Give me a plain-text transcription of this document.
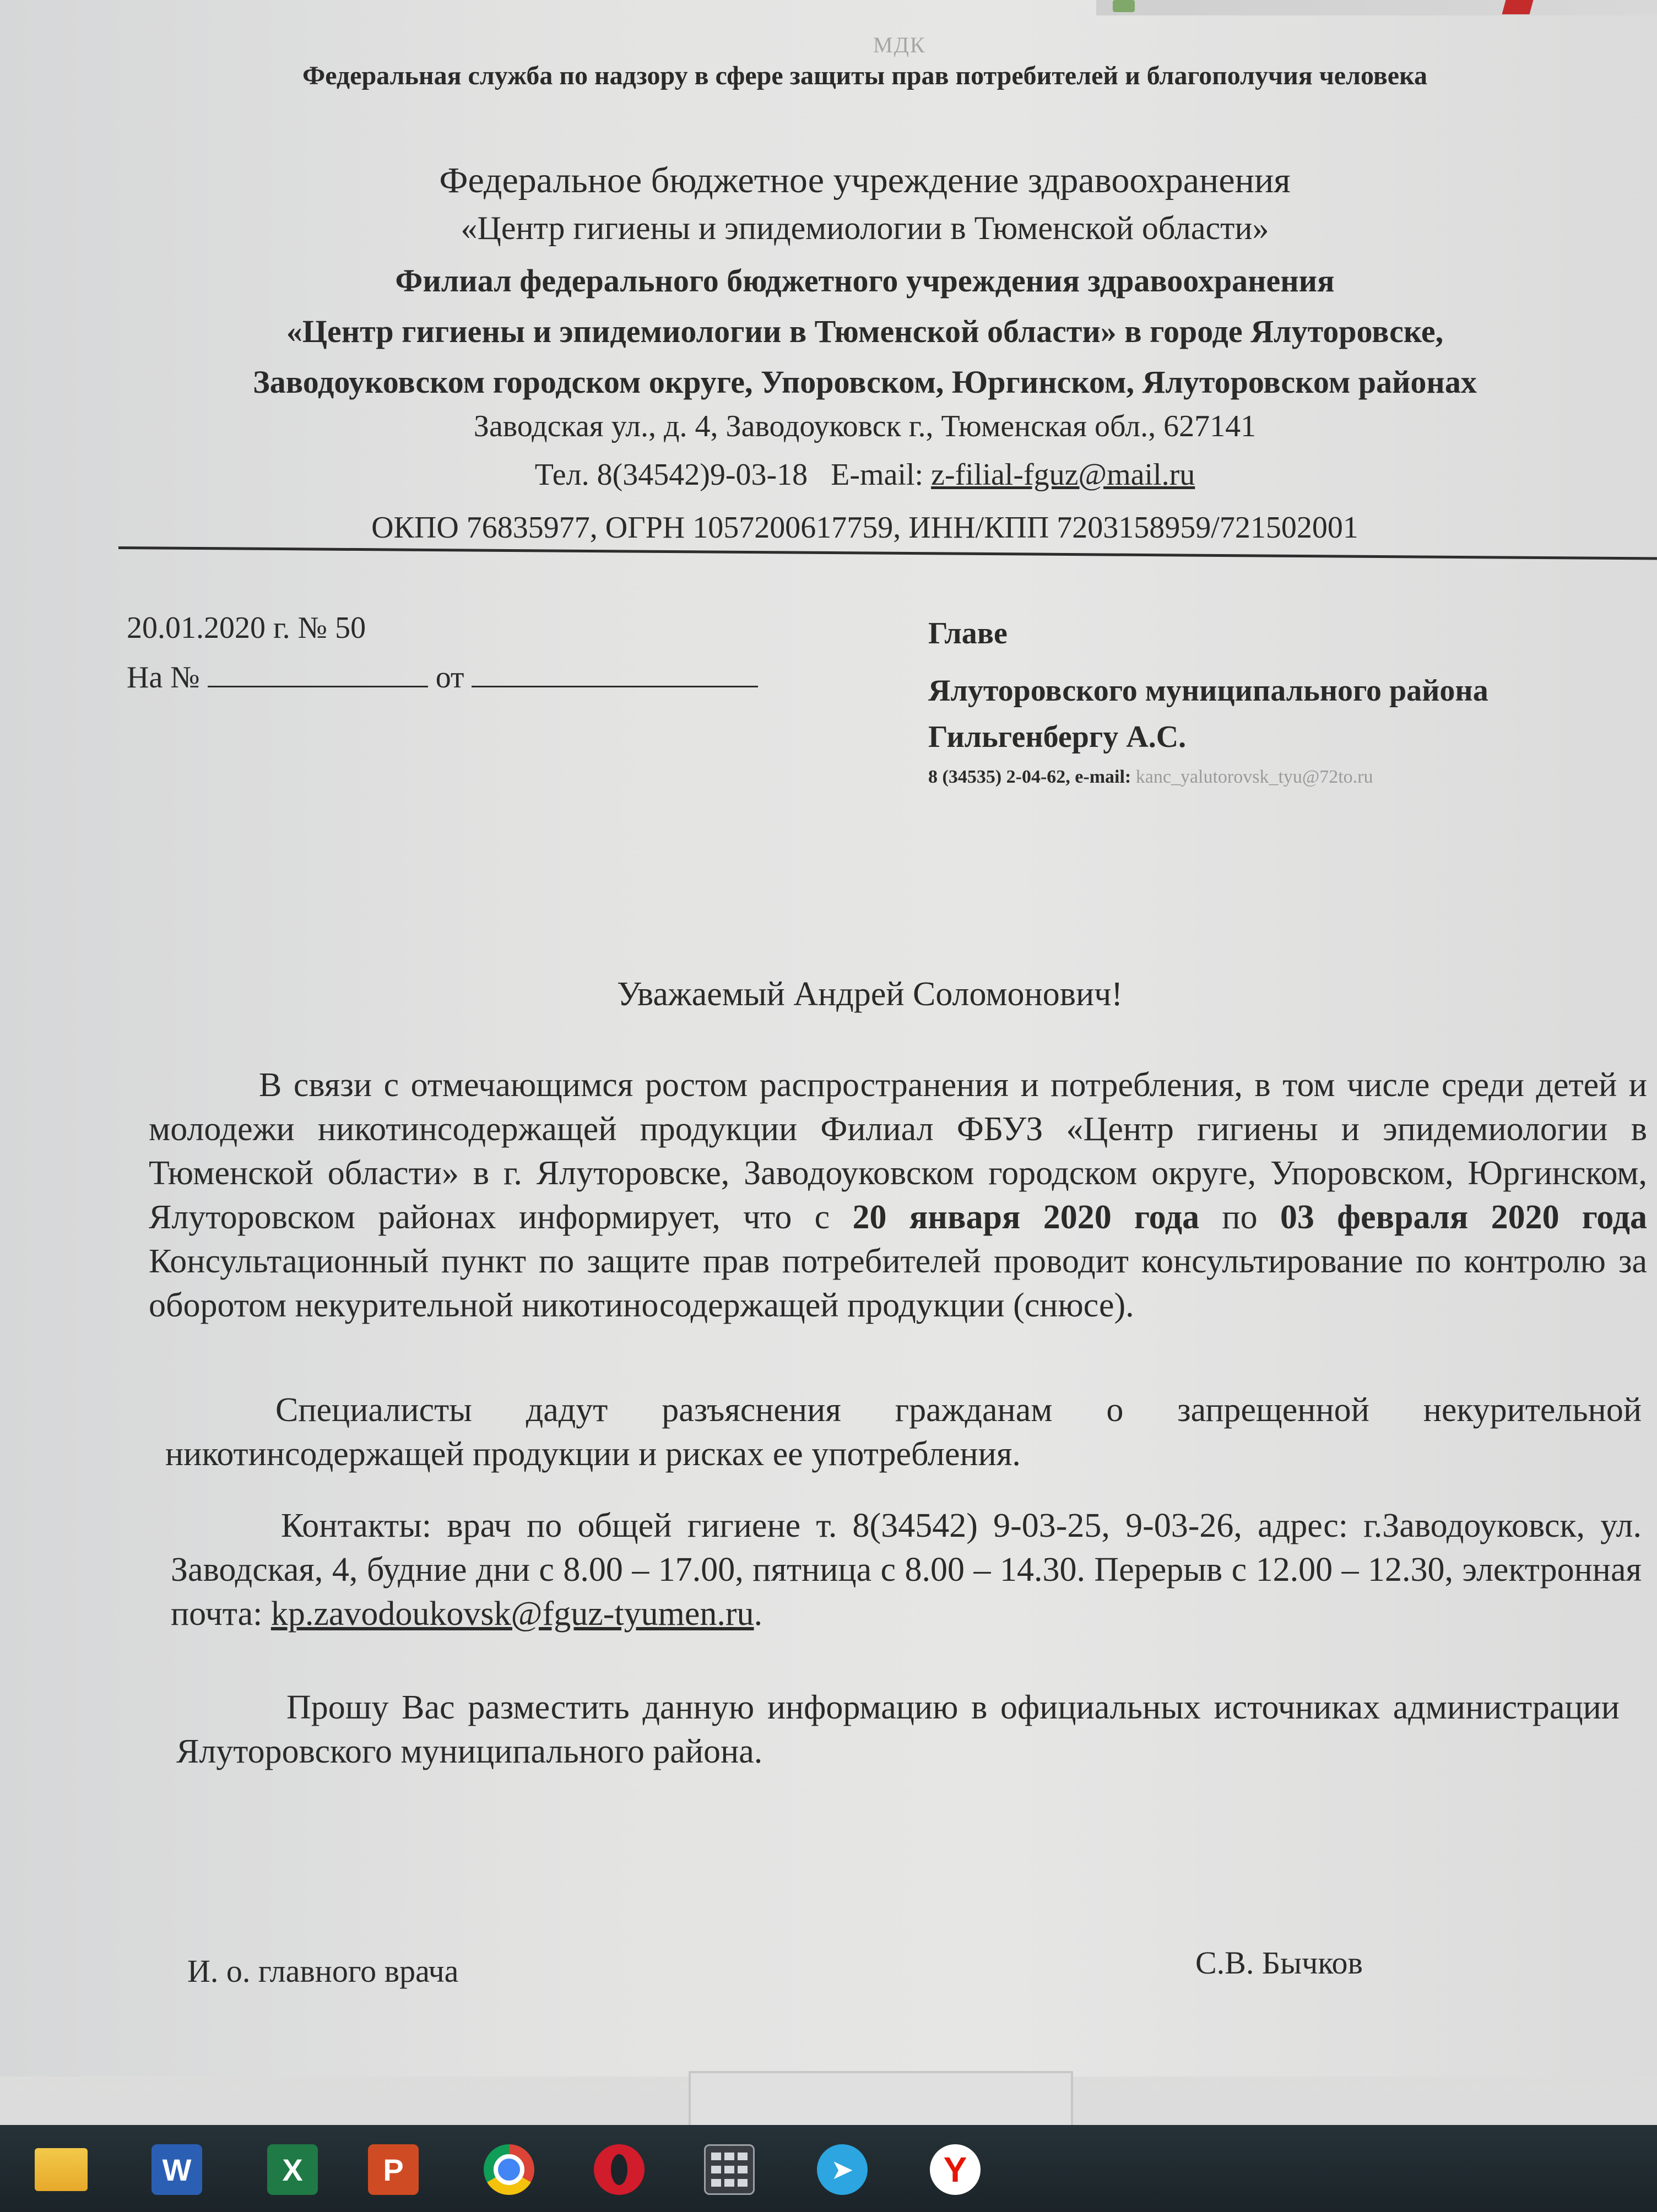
МДК
Федеральная служба по надзору в сфере защиты прав потребителей и благополучия человека
Федеральное бюджетное учреждение здравоохранения
«Центр гигиены и эпидемиологии в Тюменской области»
Филиал федерального бюджетного учреждения здравоохранения
«Центр гигиены и эпидемиологии в Тюменской области» в городе Ялуторовске,
Заводоуковском городском округе, Упоровском, Юргинском, Ялуторовском районах
Заводская ул., д. 4, Заводоуковск г., Тюменская обл., 627141
Тел. 8(34542)9-03-18   E-mail: z-filial-fguz@mail.ru
ОКПО 76835977, ОГРН 1057200617759, ИНН/КПП 7203158959/721502001
20.01.2020 г. № 50
На №	от
Главе
Ялуторовского муниципального района
Гильгенбергу А.С.
8 (34535) 2-04-62, e-mail: kanc_yalutorovsk_tyu@72to.ru
Уважаемый Андрей Соломонович!
В связи с отмечающимся ростом распространения и потребления, в том числе среди детей и молодежи никотинсодержащей продукции Филиал ФБУЗ «Центр гигиены и эпидемиологии в Тюменской области» в г. Ялуторовске, Заводоуковском городском округе, Упоровском, Юргинском, Ялуторовском районах информирует, что с 20 января 2020 года по 03 февраля 2020 года Консультационный пункт по защите прав потребителей проводит консультирование по контролю за оборотом некурительной никотиносодержащей продукции (снюсе).
Специалисты дадут разъяснения гражданам о запрещенной некурительной никотинсодержащей продукции и рисках ее употребления.
Контакты: врач по общей гигиене т. 8(34542) 9-03-25, 9-03-26, адрес: г.Заводоуковск, ул. Заводская, 4, будние дни с 8.00 – 17.00, пятница с 8.00 – 14.30. Перерыв с 12.00 – 12.30, электронная почта: kp.zavodoukovsk@fguz-tyumen.ru.
Прошу Вас разместить данную информацию в официальных источниках администрации Ялуторовского муниципального района.
И. о. главного врача	С.В. Бычков
W	X	P	➤	Y
